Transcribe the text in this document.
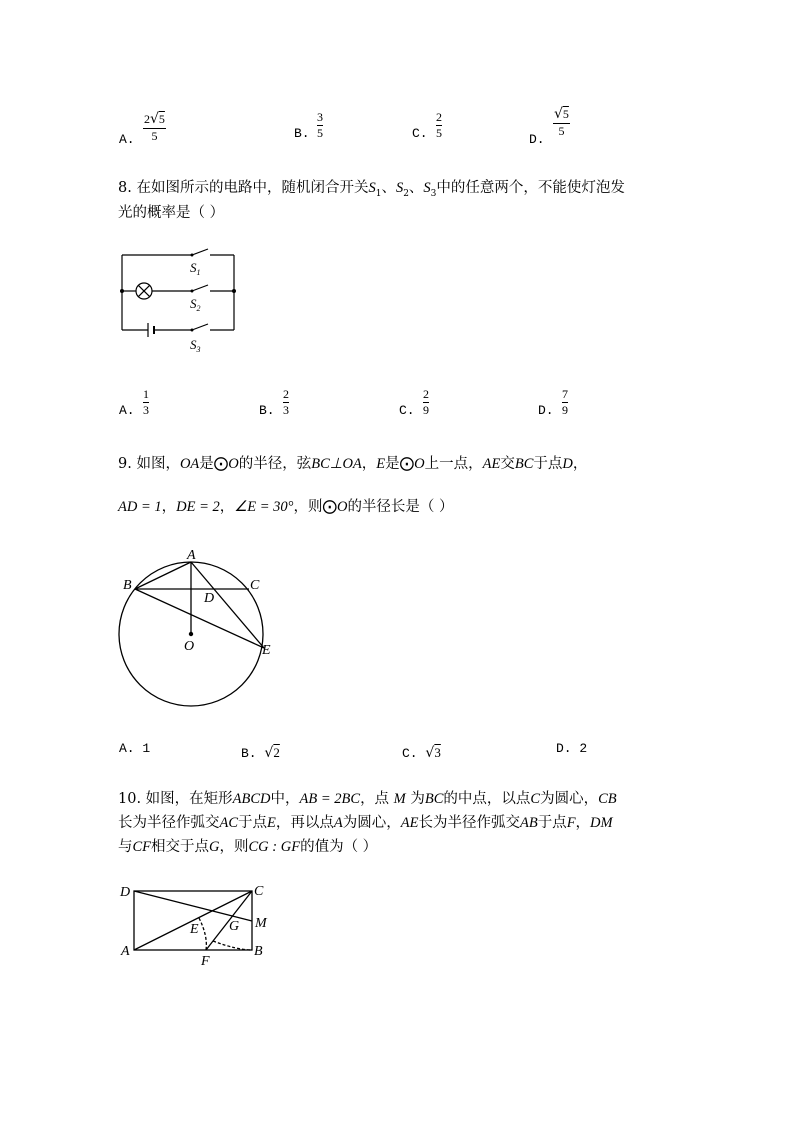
A.
2√5
5	B.
3
5	C.
2
5	D.
√5
5
8. 在如图所示的电路中，随机闭合开关$S_1$、$S_2$、$S_3$中的任意两个，不能使灯泡发
光的概率是（ ）
$S_1$
$S_2$
$S_3$
A.
1
3	B.
2
3	C.
2
9	D.
7
9
9. 如图，OA是⨀O的半径，弦BC⊥OA，E是⨀O上一点，AE交BC于点D，
AD = 1，DE = 2，∠E = 30°，则⨀O的半径长是（ ）
A
B	C
D
O	E
A. 1	B. √2	C. √3	D. 2
10. 如图，在矩形ABCD中，AB = 2BC，点 M 为BC的中点，以点C为圆心，CB
长为半径作弧交AC于点E，再以点A为圆心，AE长为半径作弧交AB于点F，DM
与CF相交于点G，则CG : GF的值为（ ）
D	C
M
E G
A
F
B
